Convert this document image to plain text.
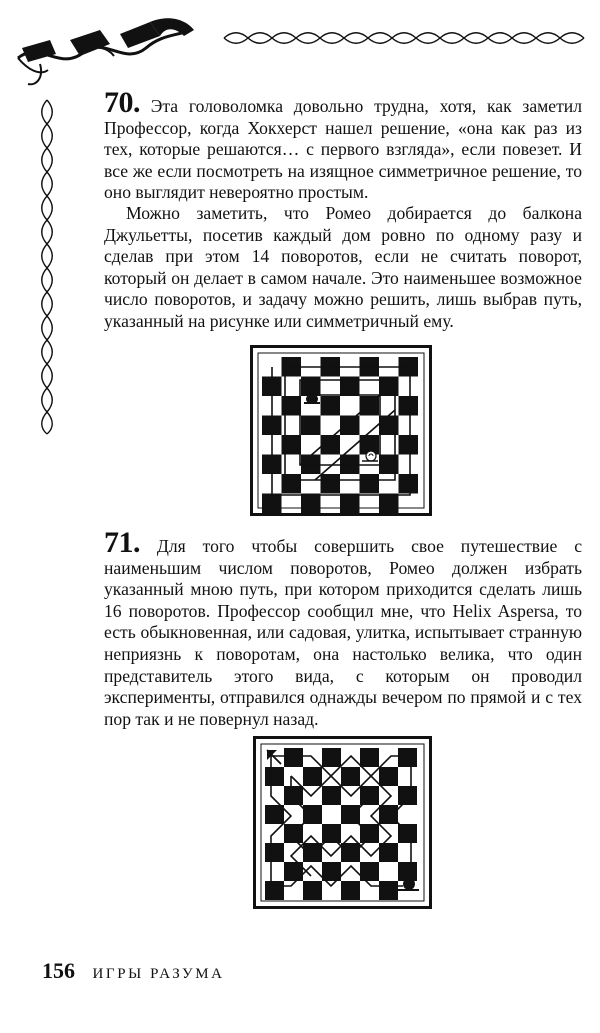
70. Эта головоломка довольно трудна, хотя, как заметил Профессор, когда Хокхерст нашел решение, «она как раз из тех, которые решаются… с первого взгляда», если повезет. И все же если посмотреть на изящное симметричное решение, то оно выглядит невероятно простым.

Можно заметить, что Ромео добирается до балкона Джульетты, посетив каждый дом ровно по одному разу и сделав при этом 14 поворотов, если не считать поворот, который он делает в самом начале. Это наименьшее возможное число поворотов, и задачу можно решить, лишь выбрав путь, указанный на рисунке или симметричный ему.

71. Для того чтобы совершить свое путешествие с наименьшим числом поворотов, Ромео должен избрать указанный мною путь, при котором приходится сделать лишь 16 поворотов. Профессор сообщил мне, что Helix Aspersa, то есть обыкновенная, или садовая, улитка, испытывает странную неприязнь к поворотам, она настолько велика, что один представитель этого вида, с которым он проводил эксперименты, отправился однажды вечером по прямой и с тех пор так и не повернул назад.

156 ИГРЫ РАЗУМА
